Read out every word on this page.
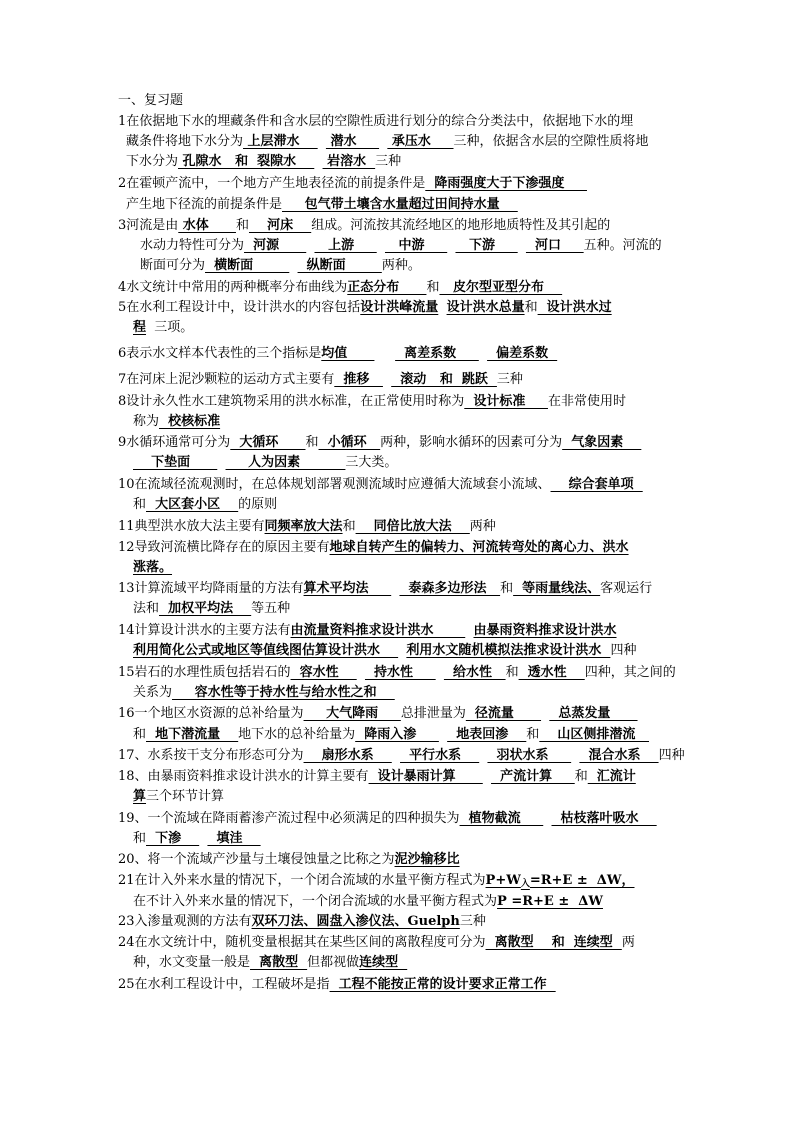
一、复习题
1在依据地下水的埋藏条件和含水层的空隙性质进行划分的综合分类法中，依据地下水的埋
藏条件将地下水分为 上层滞水       潜水        承压水     三种，依据含水层的空隙性质将地
下水分为 孔隙水   和  裂隙水       岩溶水  三种
2在霍顿产流中，一个地方产生地表径流的前提条件是  降雨强度大于下渗强度
产生地下径流的前提条件是     包气带土壤含水量超过田间持水量
3河流是由 水体      和    河床    组成。河流按其流经地区的地形地质特性及其引起的
水动力特性可分为  河源           上游          中游          下游         河口     五种。河流的
断面可分为  横断面            纵断面        两种。
4水文统计中常用的两种概率分布曲线为正态分布      和   皮尔型亚型分布
5在水利工程设计中，设计洪水的内容包括设计洪峰流量 设计洪水总量和  设计洪水过
程  三项。
6表示水文样本代表性的三个指标是均值             离差系数         偏差系数
7在河床上泥沙颗粒的运动方式主要有  推移       滚动   和  跳跃  三种
8设计永久性水工建筑物采用的洪水标准，在正常使用时称为  设计标准     在非常使用时
称为  校核标准
9水循环通常可分为  大循环      和  小循环   两种，影响水循环的因素可分为  气象因素
下垫面             人为因素          三大类。
10在流域径流观测时，在总体规划部署观测流域时应遵循大流域套小流域、    综合套单项
和  大区套小区    的原则
11典型洪水放大法主要有同频率放大法和    同倍比放大法    两种
12导致河流横比降存在的原因主要有地球自转产生的偏转力、河流转弯处的离心力、洪水
涨落。
13计算流域平均降雨量的方法有算术平均法         泰森多边形法   和  等雨量线法、客观运行
法和  加权平均法    等五种
14计算设计洪水的主要方法有由流量资料推求设计洪水         由暴雨资料推求设计洪水
利用简化公式或地区等值线图估算设计洪水      利用水文随机模拟法推求设计洪水  四种
15岩石的水理性质包括岩石的  容水性        持水性         给水性   和  透水性    四种，其之间的
关系为     容水性等于持水性与给水性之和
16一个地区水资源的总补给量为     大气降雨     总排泄量为  径流量          总蒸发量
和  地下潜流量    地下水的总补给量为  降雨入渗         地表回渗    和    山区侧排潜流
17、水系按干支分布形态可分为    扇形水系        平行水系        羽状水系         混合水系    四种
18、由暴雨资料推求设计洪水的计算主要有  设计暴雨计算          产流计算     和  汇流计
算三个环节计算
19、一个流域在降雨蓄渗产流过程中必须满足的四种损失为  植物截流         枯枝落叶吸水
和  下渗        填洼
20、将一个流域产沙量与土壤侵蚀量之比称之为泥沙输移比
21在计入外来水量的情况下，一个闭合流域的水量平衡方程式为P+W入=R+E ±  ΔW，
在不计入外来水量的情况下，一个闭合流域的水量平衡方程式为P =R+E ±  ΔW
23入渗量观测的方法有双环刀法、圆盘入渗仪法、Guelph三种
24在水文统计中，随机变量根据其在某些区间的离散程度可分为  离散型    和  连续型  两
种，水文变量一般是  离散型  但都视做连续型
25在水利工程设计中，工程破坏是指  工程不能按正常的设计要求正常工作
